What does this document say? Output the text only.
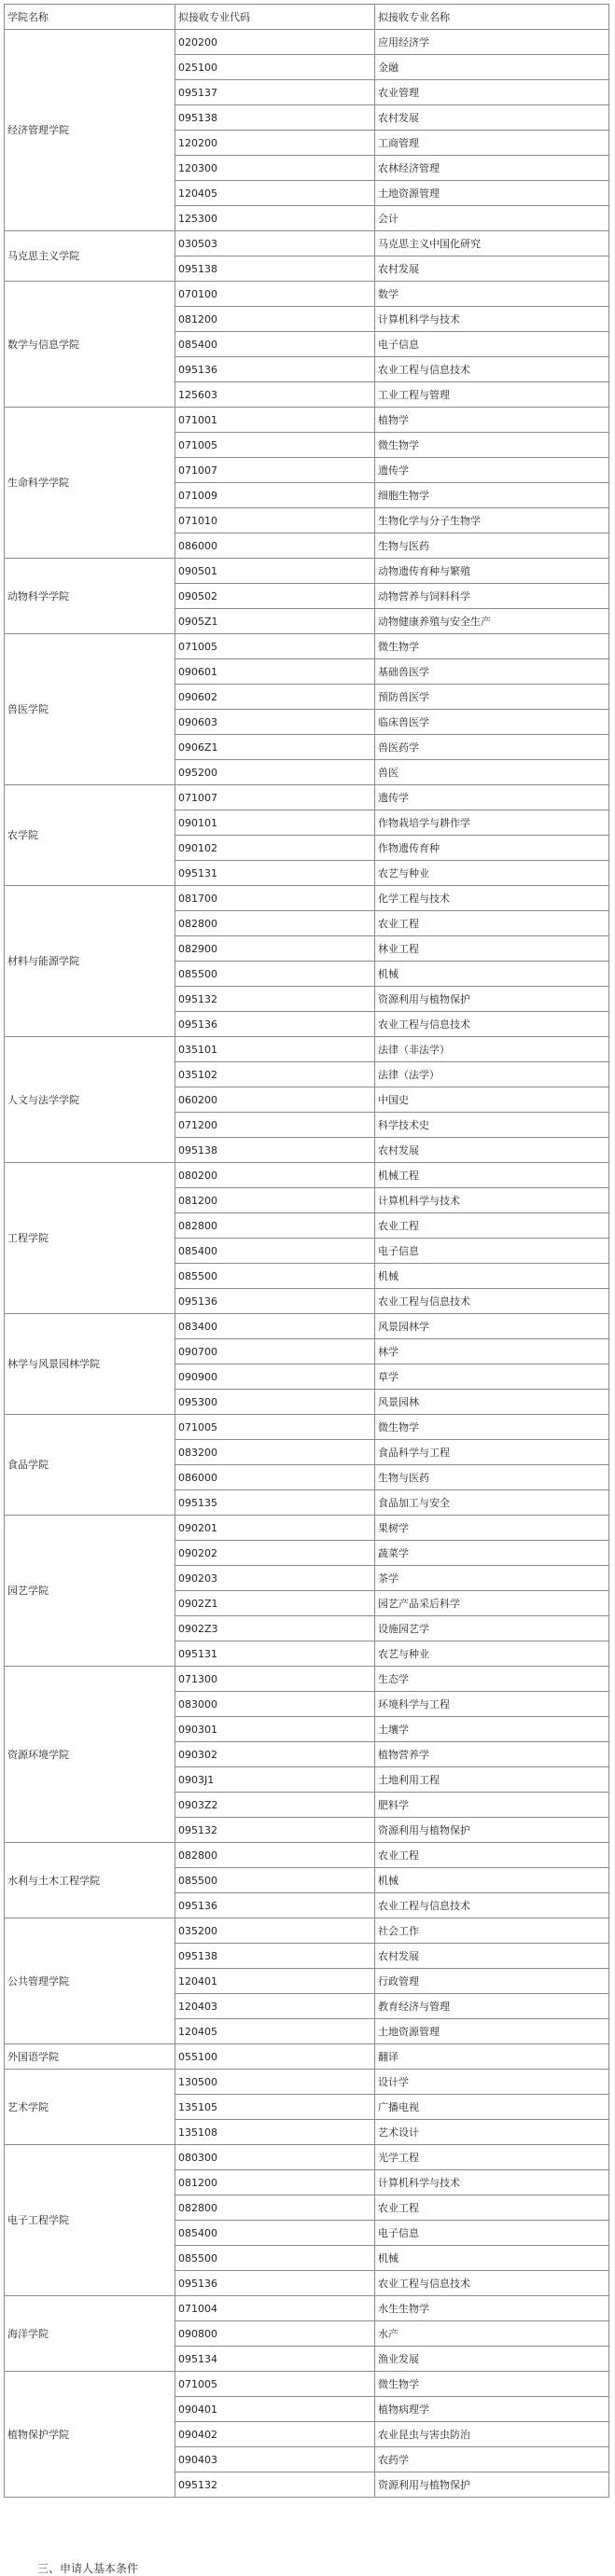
学院名称	拟接收专业代码	拟接收专业名称
经济管理学院	020200	应用经济学
	025100	金融
	095137	农业管理
	095138	农村发展
	120200	工商管理
	120300	农林经济管理
	120405	土地资源管理
	125300	会计
马克思主义学院	030503	马克思主义中国化研究
	095138	农村发展
数学与信息学院	070100	数学
	081200	计算机科学与技术
	085400	电子信息
	095136	农业工程与信息技术
	125603	工业工程与管理
生命科学学院	071001	植物学
	071005	微生物学
	071007	遗传学
	071009	细胞生物学
	071010	生物化学与分子生物学
	086000	生物与医药
动物科学学院	090501	动物遗传育种与繁殖
	090502	动物营养与饲料科学
	0905Z1	动物健康养殖与安全生产
兽医学院	071005	微生物学
	090601	基础兽医学
	090602	预防兽医学
	090603	临床兽医学
	0906Z1	兽医药学
	095200	兽医
农学院	071007	遗传学
	090101	作物栽培学与耕作学
	090102	作物遗传育种
	095131	农艺与种业
材料与能源学院	081700	化学工程与技术
	082800	农业工程
	082900	林业工程
	085500	机械
	095132	资源利用与植物保护
	095136	农业工程与信息技术
人文与法学学院	035101	法律（非法学）
	035102	法律（法学）
	060200	中国史
	071200	科学技术史
	095138	农村发展
工程学院	080200	机械工程
	081200	计算机科学与技术
	082800	农业工程
	085400	电子信息
	085500	机械
	095136	农业工程与信息技术
林学与风景园林学院	083400	风景园林学
	090700	林学
	090900	草学
	095300	风景园林
食品学院	071005	微生物学
	083200	食品科学与工程
	086000	生物与医药
	095135	食品加工与安全
园艺学院	090201	果树学
	090202	蔬菜学
	090203	茶学
	0902Z1	园艺产品采后科学
	0902Z3	设施园艺学
	095131	农艺与种业
资源环境学院	071300	生态学
	083000	环境科学与工程
	090301	土壤学
	090302	植物营养学
	0903J1	土地利用工程
	0903Z2	肥料学
	095132	资源利用与植物保护
水利与土木工程学院	082800	农业工程
	085500	机械
	095136	农业工程与信息技术
公共管理学院	035200	社会工作
	095138	农村发展
	120401	行政管理
	120403	教育经济与管理
	120405	土地资源管理
外国语学院	055100	翻译
艺术学院	130500	设计学
	135105	广播电视
	135108	艺术设计
电子工程学院	080300	光学工程
	081200	计算机科学与技术
	082800	农业工程
	085400	电子信息
	085500	机械
	095136	农业工程与信息技术
海洋学院	071004	水生生物学
	090800	水产
	095134	渔业发展
植物保护学院	071005	微生物学
	090401	植物病理学
	090402	农业昆虫与害虫防治
	090403	农药学
	095132	资源利用与植物保护
三、申请人基本条件
